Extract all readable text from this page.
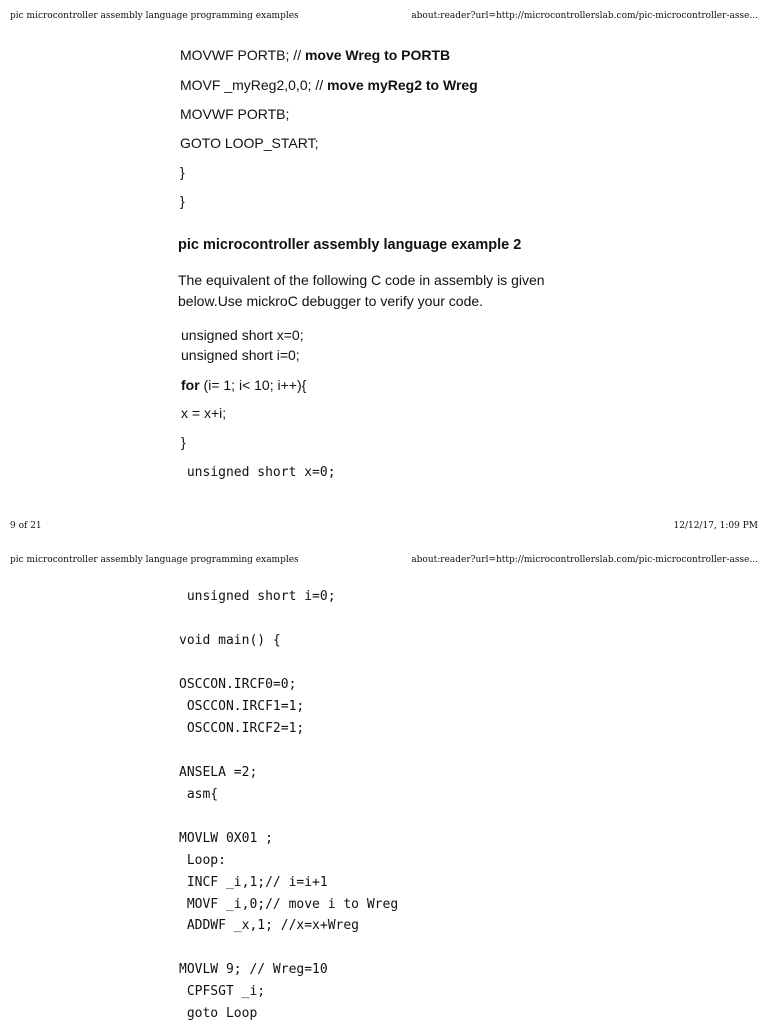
pic microcontroller assembly language programming examples	about:reader?url=http://microcontrollerslab.com/pic-microcontroller-asse...
MOVWF PORTB; // move Wreg to PORTB
MOVF _myReg2,0,0; // move myReg2 to Wreg
MOVWF PORTB;
GOTO LOOP_START;
}
}
pic microcontroller assembly language example 2
The equivalent of the following C code in assembly is given below.Use mickroC debugger to verify your code.
unsigned short x=0;
unsigned short i=0;
for (i= 1; i< 10; i++){
x = x+i;
}
unsigned short x=0;
9 of 21	12/12/17, 1:09 PM
pic microcontroller assembly language programming examples	about:reader?url=http://microcontrollerslab.com/pic-microcontroller-asse...
unsigned short i=0;
void main() {
OSCCON.IRCF0=0;
OSCCON.IRCF1=1;
OSCCON.IRCF2=1;
ANSELA =2;
asm{
MOVLW 0X01 ;
Loop:
INCF _i,1;// i=i+1
MOVF _i,0;// move i to Wreg
ADDWF _x,1; //x=x+Wreg
MOVLW 9; // Wreg=10
CPFSGT _i;
goto Loop
